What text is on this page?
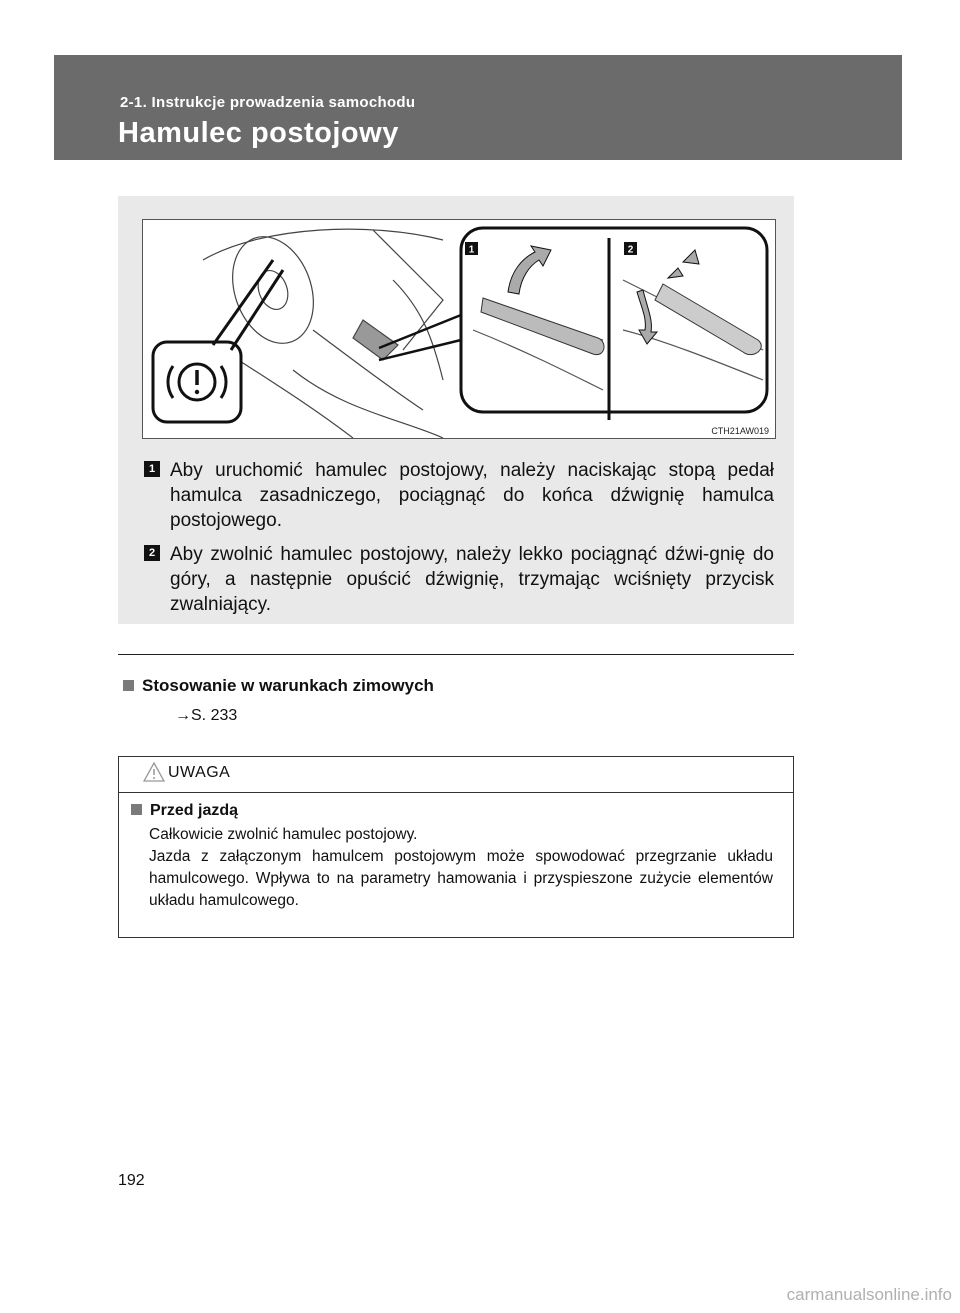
2-1. Instrukcje prowadzenia samochodu
Hamulec postojowy
1	2
CTH21AW019
1 Aby uruchomić hamulec postojowy, należy naciskając stopą pedał hamulca zasadniczego, pociągnąć do końca dźwignię hamulca postojowego.
2 Aby zwolnić hamulec postojowy, należy lekko pociągnąć dźwi-gnię do góry, a następnie opuścić dźwignię, trzymając wciśnięty przycisk zwalniający.
Stosowanie w warunkach zimowych
→S. 233
UWAGA
Przed jazdą
Całkowicie zwolnić hamulec postojowy.
Jazda z załączonym hamulcem postojowym może spowodować przegrzanie układu hamulcowego. Wpływa to na parametry hamowania i przyspieszone zużycie elementów układu hamulcowego.
192
carmanualsonline.info
